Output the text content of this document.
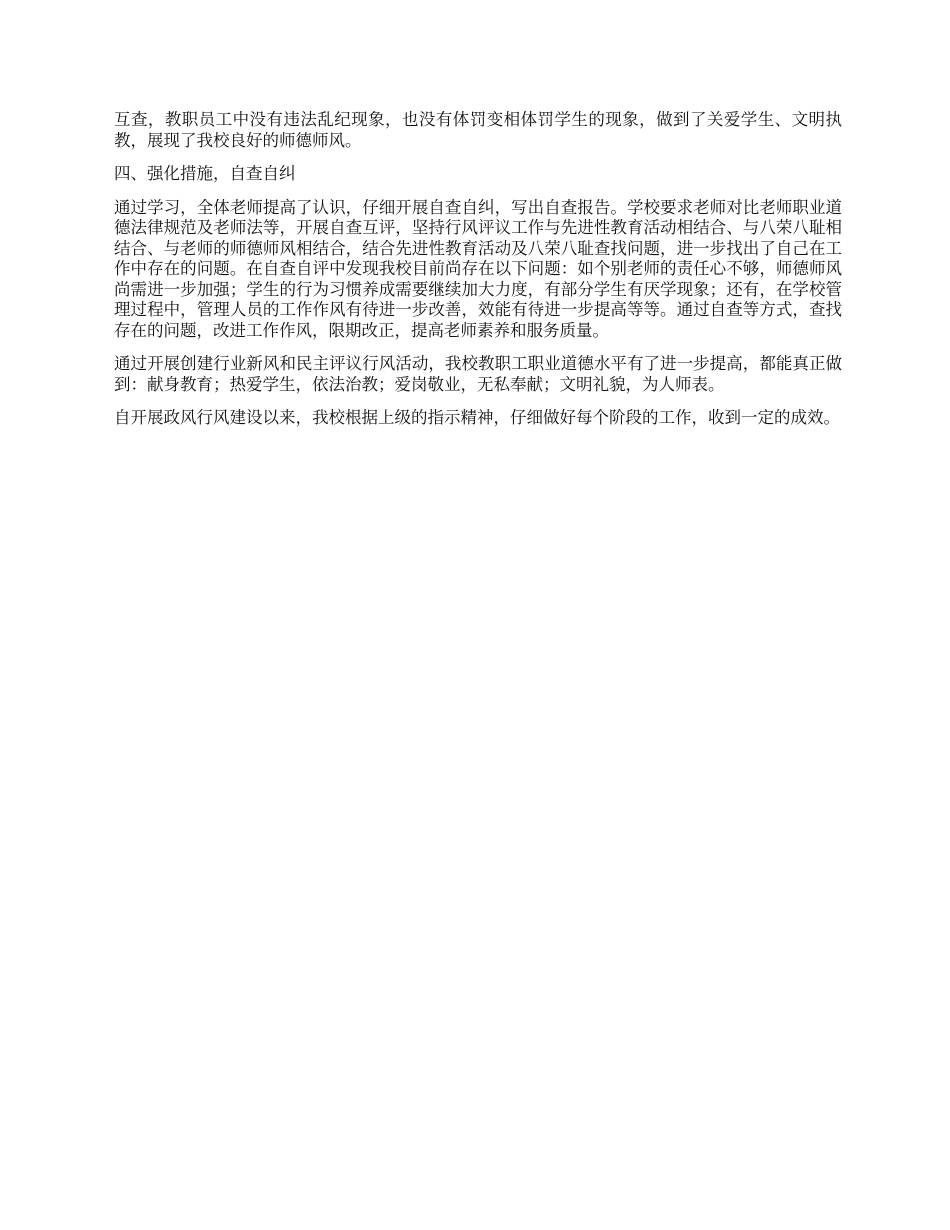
互查，教职员工中没有违法乱纪现象，也没有体罚变相体罚学生的现象，做到了关爱学生、文明执教，展现了我校良好的师德师风。

四、强化措施，自查自纠

通过学习，全体老师提高了认识，仔细开展自查自纠，写出自查报告。学校要求老师对比老师职业道德法律规范及老师法等，开展自查互评，坚持行风评议工作与先进性教育活动相结合、与八荣八耻相结合、与老师的师德师风相结合，结合先进性教育活动及八荣八耻查找问题，进一步找出了自己在工作中存在的问题。在自查自评中发现我校目前尚存在以下问题：如个别老师的责任心不够，师德师风尚需进一步加强；学生的行为习惯养成需要继续加大力度，有部分学生有厌学现象；还有，在学校管理过程中，管理人员的工作作风有待进一步改善，效能有待进一步提高等等。通过自查等方式，查找存在的问题，改进工作作风，限期改正，提高老师素养和服务质量。

通过开展创建行业新风和民主评议行风活动，我校教职工职业道德水平有了进一步提高，都能真正做到：献身教育；热爱学生，依法治教；爱岗敬业，无私奉献；文明礼貌，为人师表。

自开展政风行风建设以来，我校根据上级的指示精神，仔细做好每个阶段的工作，收到一定的成效。
